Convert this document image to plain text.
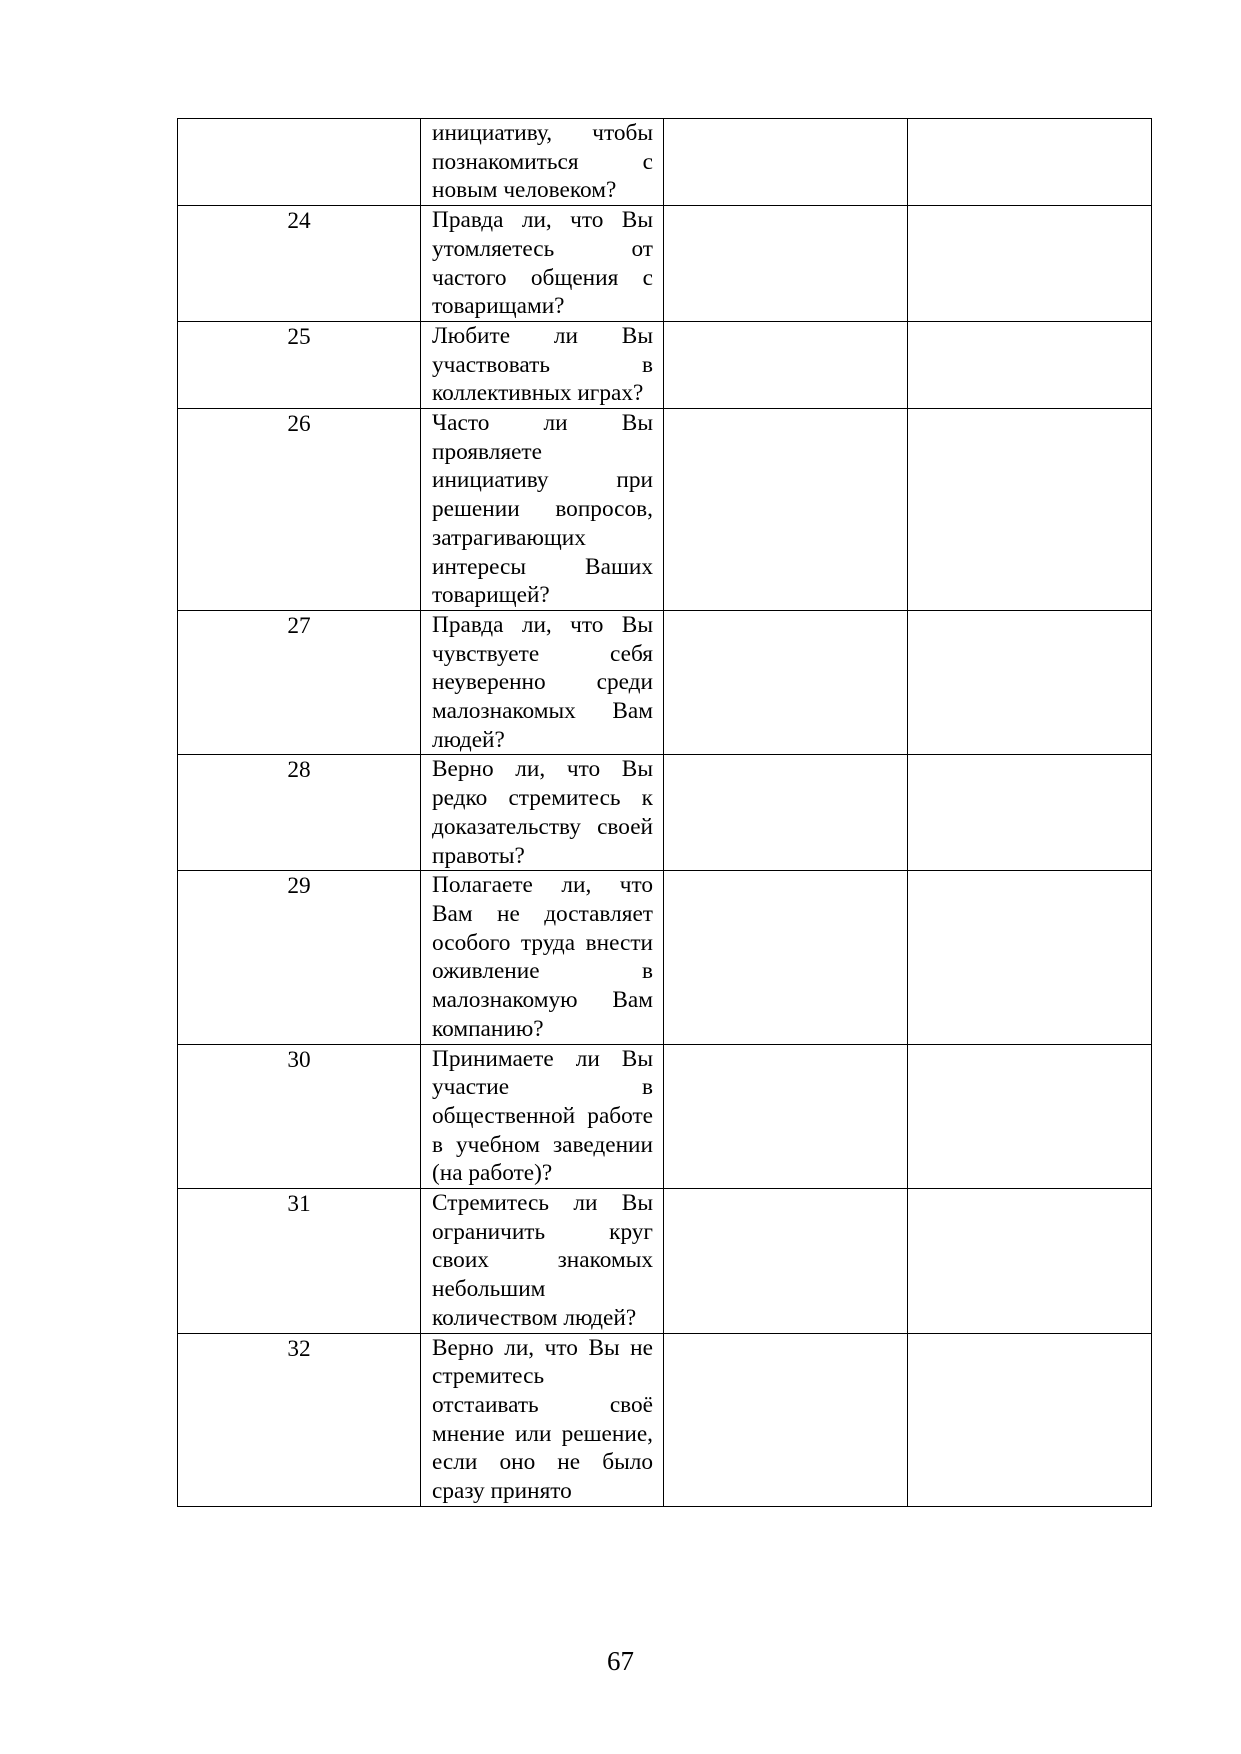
	инициативу, чтобы познакомиться с новым человеком?		

24	Правда ли, что Вы утомляетесь от частого общения с товарищами?		

25	Любите ли Вы участвовать в коллективных играх?		

26	Часто ли Вы проявляете инициативу при решении вопросов, затрагивающих интересы Ваших товарищей?		

27	Правда ли, что Вы чувствуете себя неуверенно среди малознакомых Вам людей?		

28	Верно ли, что Вы редко стремитесь к доказательству своей правоты?		

29	Полагаете ли, что Вам не доставляет особого труда внести оживление в малознакомую Вам компанию?		

30	Принимаете ли Вы участие в общественной работе в учебном заведении (на работе)?		

31	Стремитесь ли Вы ограничить круг своих знакомых небольшим количеством людей?		

32	Верно ли, что Вы не стремитесь отстаивать своё мнение или решение, если оно не было сразу принято		

67
